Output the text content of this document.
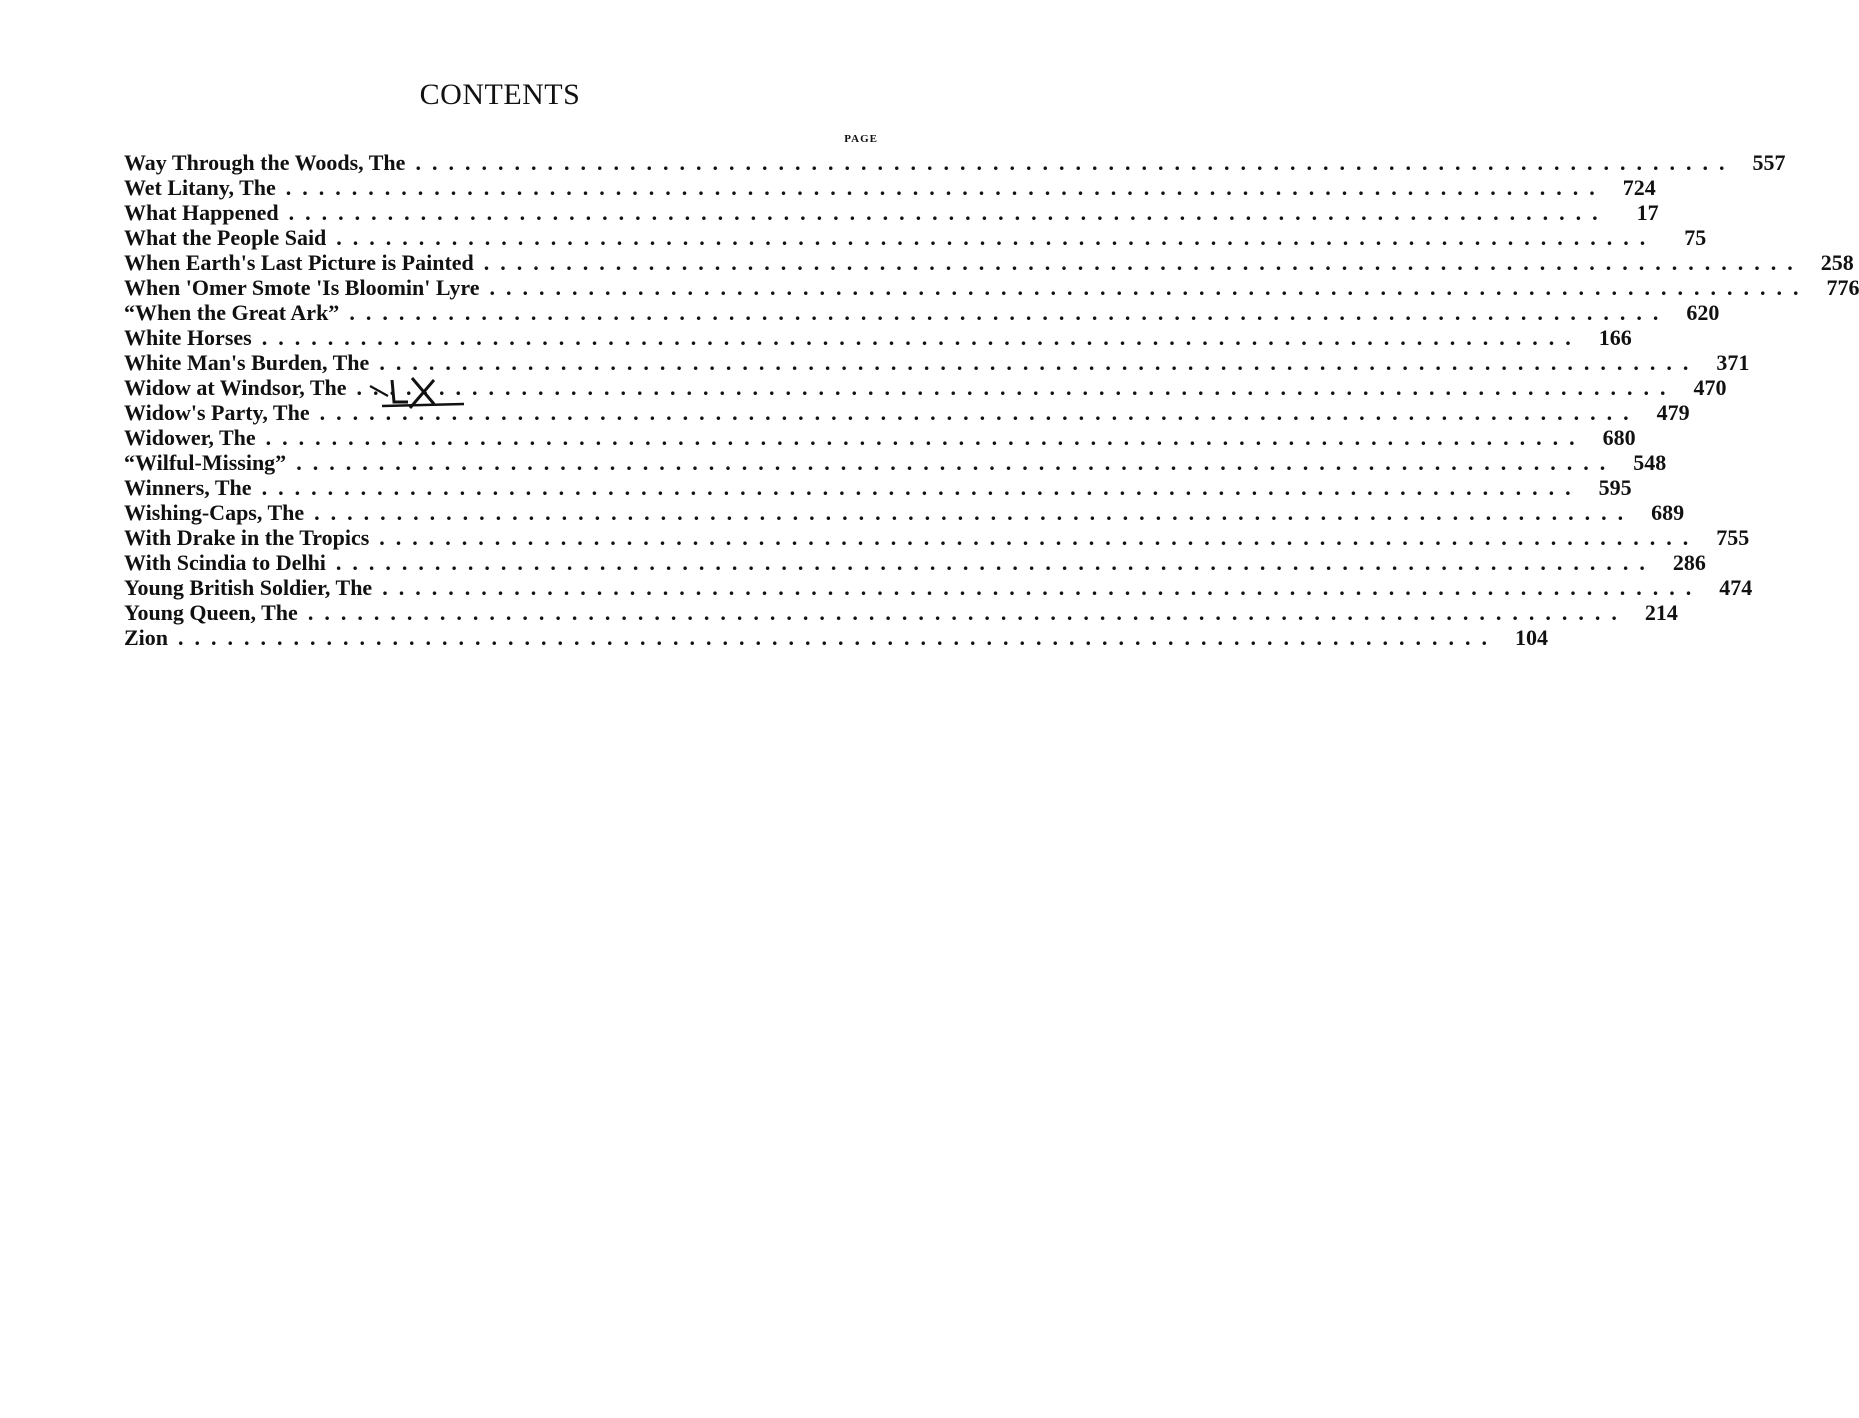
CONTENTS
PAGE
Way Through the Woods, The ................................................................................ 557
Wet Litany, The ................................................................................ 724
What Happened ................................................................................	17
What the People Said ................................................................................	75
When Earth's Last Picture is Painted ................................................................................ 258
When 'Omer Smote 'Is Bloomin' Lyre ................................................................................ 776
“When the Great Ark” ................................................................................ 620
White Horses ................................................................................ 166
White Man's Burden, The ................................................................................ 371
Widow at Windsor, The ................................................................................ 470
Widow's Party, The ................................................................................ 479
Widower, The ................................................................................ 680
“Wilful-Missing” ................................................................................ 548
Winners, The ................................................................................ 595
Wishing-Caps, The ................................................................................ 689
With Drake in the Tropics ................................................................................ 755
With Scindia to Delhi ................................................................................ 286
Young British Soldier, The ................................................................................ 474
Young Queen, The ................................................................................ 214
Zion ................................................................................ 104
